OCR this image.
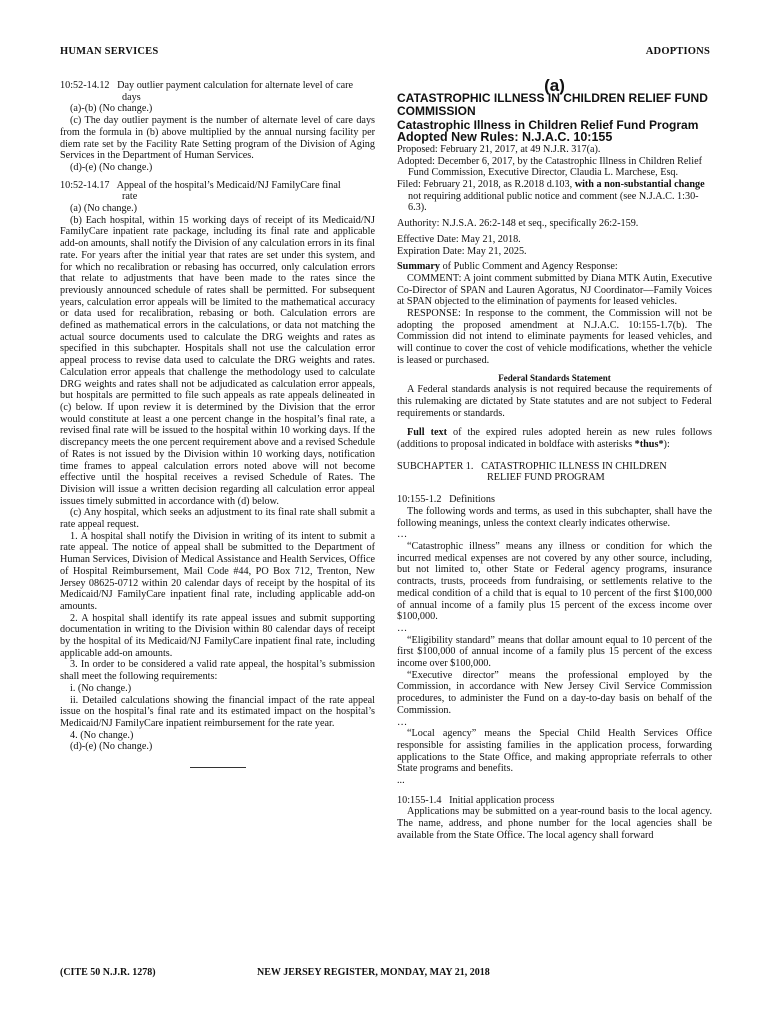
HUMAN SERVICES	ADOPTIONS

10:52-14.12 Day outlier payment calculation for alternate level of care
days

(a)-(b) (No change.)

(c) The day outlier payment is the number of alternate level of care days from the formula in (b) above multiplied by the annual nursing facility per diem rate set by the Facility Rate Setting program of the Division of Aging Services in the Department of Human Services.

(d)-(e) (No change.)

10:52-14.17 Appeal of the hospital’s Medicaid/NJ FamilyCare final
rate

(a) (No change.)

(b) Each hospital, within 15 working days of receipt of its Medicaid/NJ FamilyCare inpatient rate package, including its final rate and applicable add-on amounts, shall notify the Division of any calculation errors in its final rate. For years after the initial year that rates are set under this system, and for which no recalibration or rebasing has occurred, only calculation errors that relate to adjustments that have been made to the rates since the previously announced schedule of rates shall be permitted. For subsequent years, calculation error appeals will be limited to the mathematical accuracy or data used for recalibration, rebasing or both. Calculation errors are defined as mathematical errors in the calculations, or data not matching the actual source documents used to calculate the DRG weights and rates as specified in this subchapter. Hospitals shall not use the calculation error appeal process to revise data used to calculate the DRG weights and rates. Calculation error appeals that challenge the methodology used to calculate DRG weights and rates shall not be adjudicated as calculation error appeals, but hospitals are permitted to file such appeals as rate appeals delineated in (c) below. If upon review it is determined by the Division that the error would constitute at least a one percent change in the hospital’s final rate, a revised final rate will be issued to the hospital within 10 working days. If the discrepancy meets the one percent requirement above and a revised Schedule of Rates is not issued by the Division within 10 working days, notification time frames to appeal calculation errors noted above will not become effective until the hospital receives a revised Schedule of Rates. The Division will issue a written decision regarding all calculation error appeal issues timely submitted in accordance with (d) below.

(c) Any hospital, which seeks an adjustment to its final rate shall submit a rate appeal request.

1. A hospital shall notify the Division in writing of its intent to submit a rate appeal. The notice of appeal shall be submitted to the Department of Human Services, Division of Medical Assistance and Health Services, Office of Hospital Reimbursement, Mail Code #44, PO Box 712, Trenton, New Jersey 08625-0712 within 20 calendar days of receipt by the hospital of its Medicaid/NJ FamilyCare inpatient final rate, including applicable add-on amounts.

2. A hospital shall identify its rate appeal issues and submit supporting documentation in writing to the Division within 80 calendar days of receipt by the hospital of its Medicaid/NJ FamilyCare inpatient final rate, including applicable add-on amounts.

3. In order to be considered a valid rate appeal, the hospital’s submission shall meet the following requirements:

i. (No change.)

ii. Detailed calculations showing the financial impact of the rate appeal issue on the hospital’s final rate and its estimated impact on the hospital’s Medicaid/NJ FamilyCare inpatient reimbursement for the rate year.

4. (No change.)

(d)-(e) (No change.)

(a)

CATASTROPHIC ILLNESS IN CHILDREN RELIEF FUND COMMISSION

Catastrophic Illness in Children Relief Fund Program

Adopted New Rules: N.J.A.C. 10:155

Proposed: February 21, 2017, at 49 N.J.R. 317(a).

Adopted: December 6, 2017, by the Catastrophic Illness in Children Relief Fund Commission, Executive Director, Claudia L. Marchese, Esq.

Filed: February 21, 2018, as R.2018 d.103, with a non-substantial change not requiring additional public notice and comment (see N.J.A.C. 1:30-6.3).

Authority: N.J.S.A. 26:2-148 et seq., specifically 26:2-159.

Effective Date: May 21, 2018.

Expiration Date: May 21, 2025.

Summary of Public Comment and Agency Response:

COMMENT: A joint comment submitted by Diana MTK Autin, Executive Co-Director of SPAN and Lauren Agoratus, NJ Coordinator—Family Voices at SPAN objected to the elimination of payments for leased vehicles.

RESPONSE: In response to the comment, the Commission will not be adopting the proposed amendment at N.J.A.C. 10:155-1.7(b). The Commission did not intend to eliminate payments for leased vehicles, and will continue to cover the cost of vehicle modifications, whether the vehicle is leased or purchased.

Federal Standards Statement

A Federal standards analysis is not required because the requirements of this rulemaking are dictated by State statutes and are not subject to Federal requirements or standards.

Full text of the expired rules adopted herein as new rules follows (additions to proposal indicated in boldface with asterisks *thus*):

SUBCHAPTER 1. CATASTROPHIC ILLNESS IN CHILDREN
RELIEF FUND PROGRAM

10:155-1.2 Definitions

The following words and terms, as used in this subchapter, shall have the following meanings, unless the context clearly indicates otherwise.

…

“Catastrophic illness” means any illness or condition for which the incurred medical expenses are not covered by any other source, including, but not limited to, other State or Federal agency programs, insurance contracts, trusts, proceeds from fundraising, or settlements relative to the medical condition of a child that is equal to 10 percent of the first $100,000 of annual income of a family plus 15 percent of the excess income over $100,000.

…

“Eligibility standard” means that dollar amount equal to 10 percent of the first $100,000 of annual income of a family plus 15 percent of the excess income over $100,000.

“Executive director” means the professional employed by the Commission, in accordance with New Jersey Civil Service Commission procedures, to administer the Fund on a day-to-day basis on behalf of the Commission.

…

“Local agency” means the Special Child Health Services Office responsible for assisting families in the application process, forwarding applications to the State Office, and making appropriate referrals to other State programs and benefits.

...

10:155-1.4 Initial application process

Applications may be submitted on a year-round basis to the local agency. The name, address, and phone number for the local agencies shall be available from the State Office. The local agency shall forward

(CITE 50 N.J.R. 1278)	NEW JERSEY REGISTER, MONDAY, MAY 21, 2018
